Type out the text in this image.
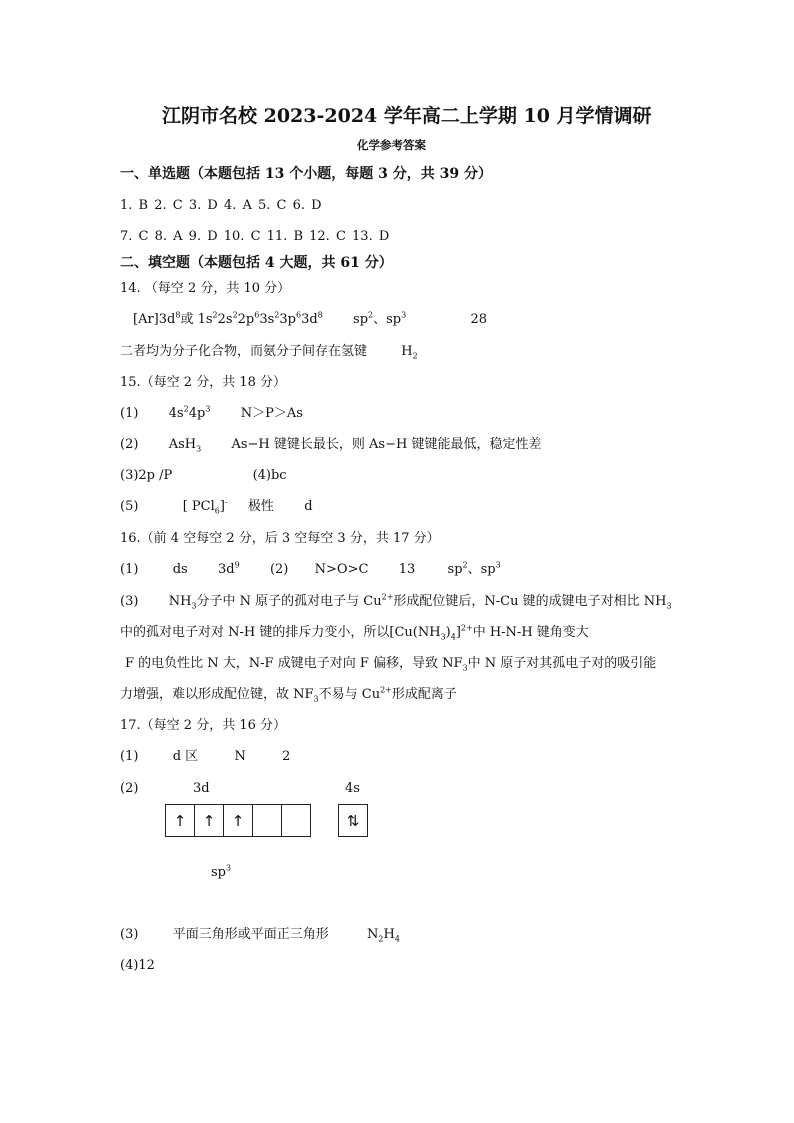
江阴市名校 2023-2024 学年高二上学期 10 月学情调研
化学参考答案
一、单选题（本题包括 13 个小题，每题 3 分，共 39 分）
1. B 2. C 3. D 4. A 5. C 6. D
7. C 8. A 9. D 10. C 11. B 12. C 13. D
二、填空题（本题包括 4 大题，共 61 分）
14. （每空 2 分，共 10 分）
$[Ar]3d^8$或 $1s^22s^22p^63s^23p^63d^8$ $sp^2$、$sp^3$	28
二者均为分子化合物，而氨分子间存在氢键	$H_2$
15.（每空 2 分，共 18 分）
(1) $4s^24p^3$ N＞P＞As
(2) AsH$_3$ As−H 键键长最长，则 As−H 键键能最低，稳定性差
(3)2p /P	(4)bc
(5)	[ PCl$_6$]- 极性 d
16.（前 4 空每空 2 分，后 3 空每空 3 分，共 17 分）
(1)	ds $3d^9$ (2) N>O>C 13 $sp^2$、$sp^3$
(3) $NH_3$分子中 N 原子的孤对电子与 $Cu^{2+}$形成配位键后，N-Cu 键的成键电子对相比 $NH_3$
中的孤对电子对对 N-H 键的排斥力变小，所以$[Cu(NH_3)_4]^{2+}$中 H-N-H 键角变大
F 的电负性比 N 大，N-F 成键电子对向 F 偏移，导致 $NF_3$中 N 原子对其孤电子对的吸引能
力增强，难以形成配位键，故 $NF_3$不易与 $Cu^{2+}$形成配离子
17.（每空 2 分，共 16 分）
(1)	d 区	N	2
(2)	3d	4s
↑	↑	↑	⇅
$sp^3$
(3)	平面三角形或平面正三角形	$N_2H_4$
(4)12
